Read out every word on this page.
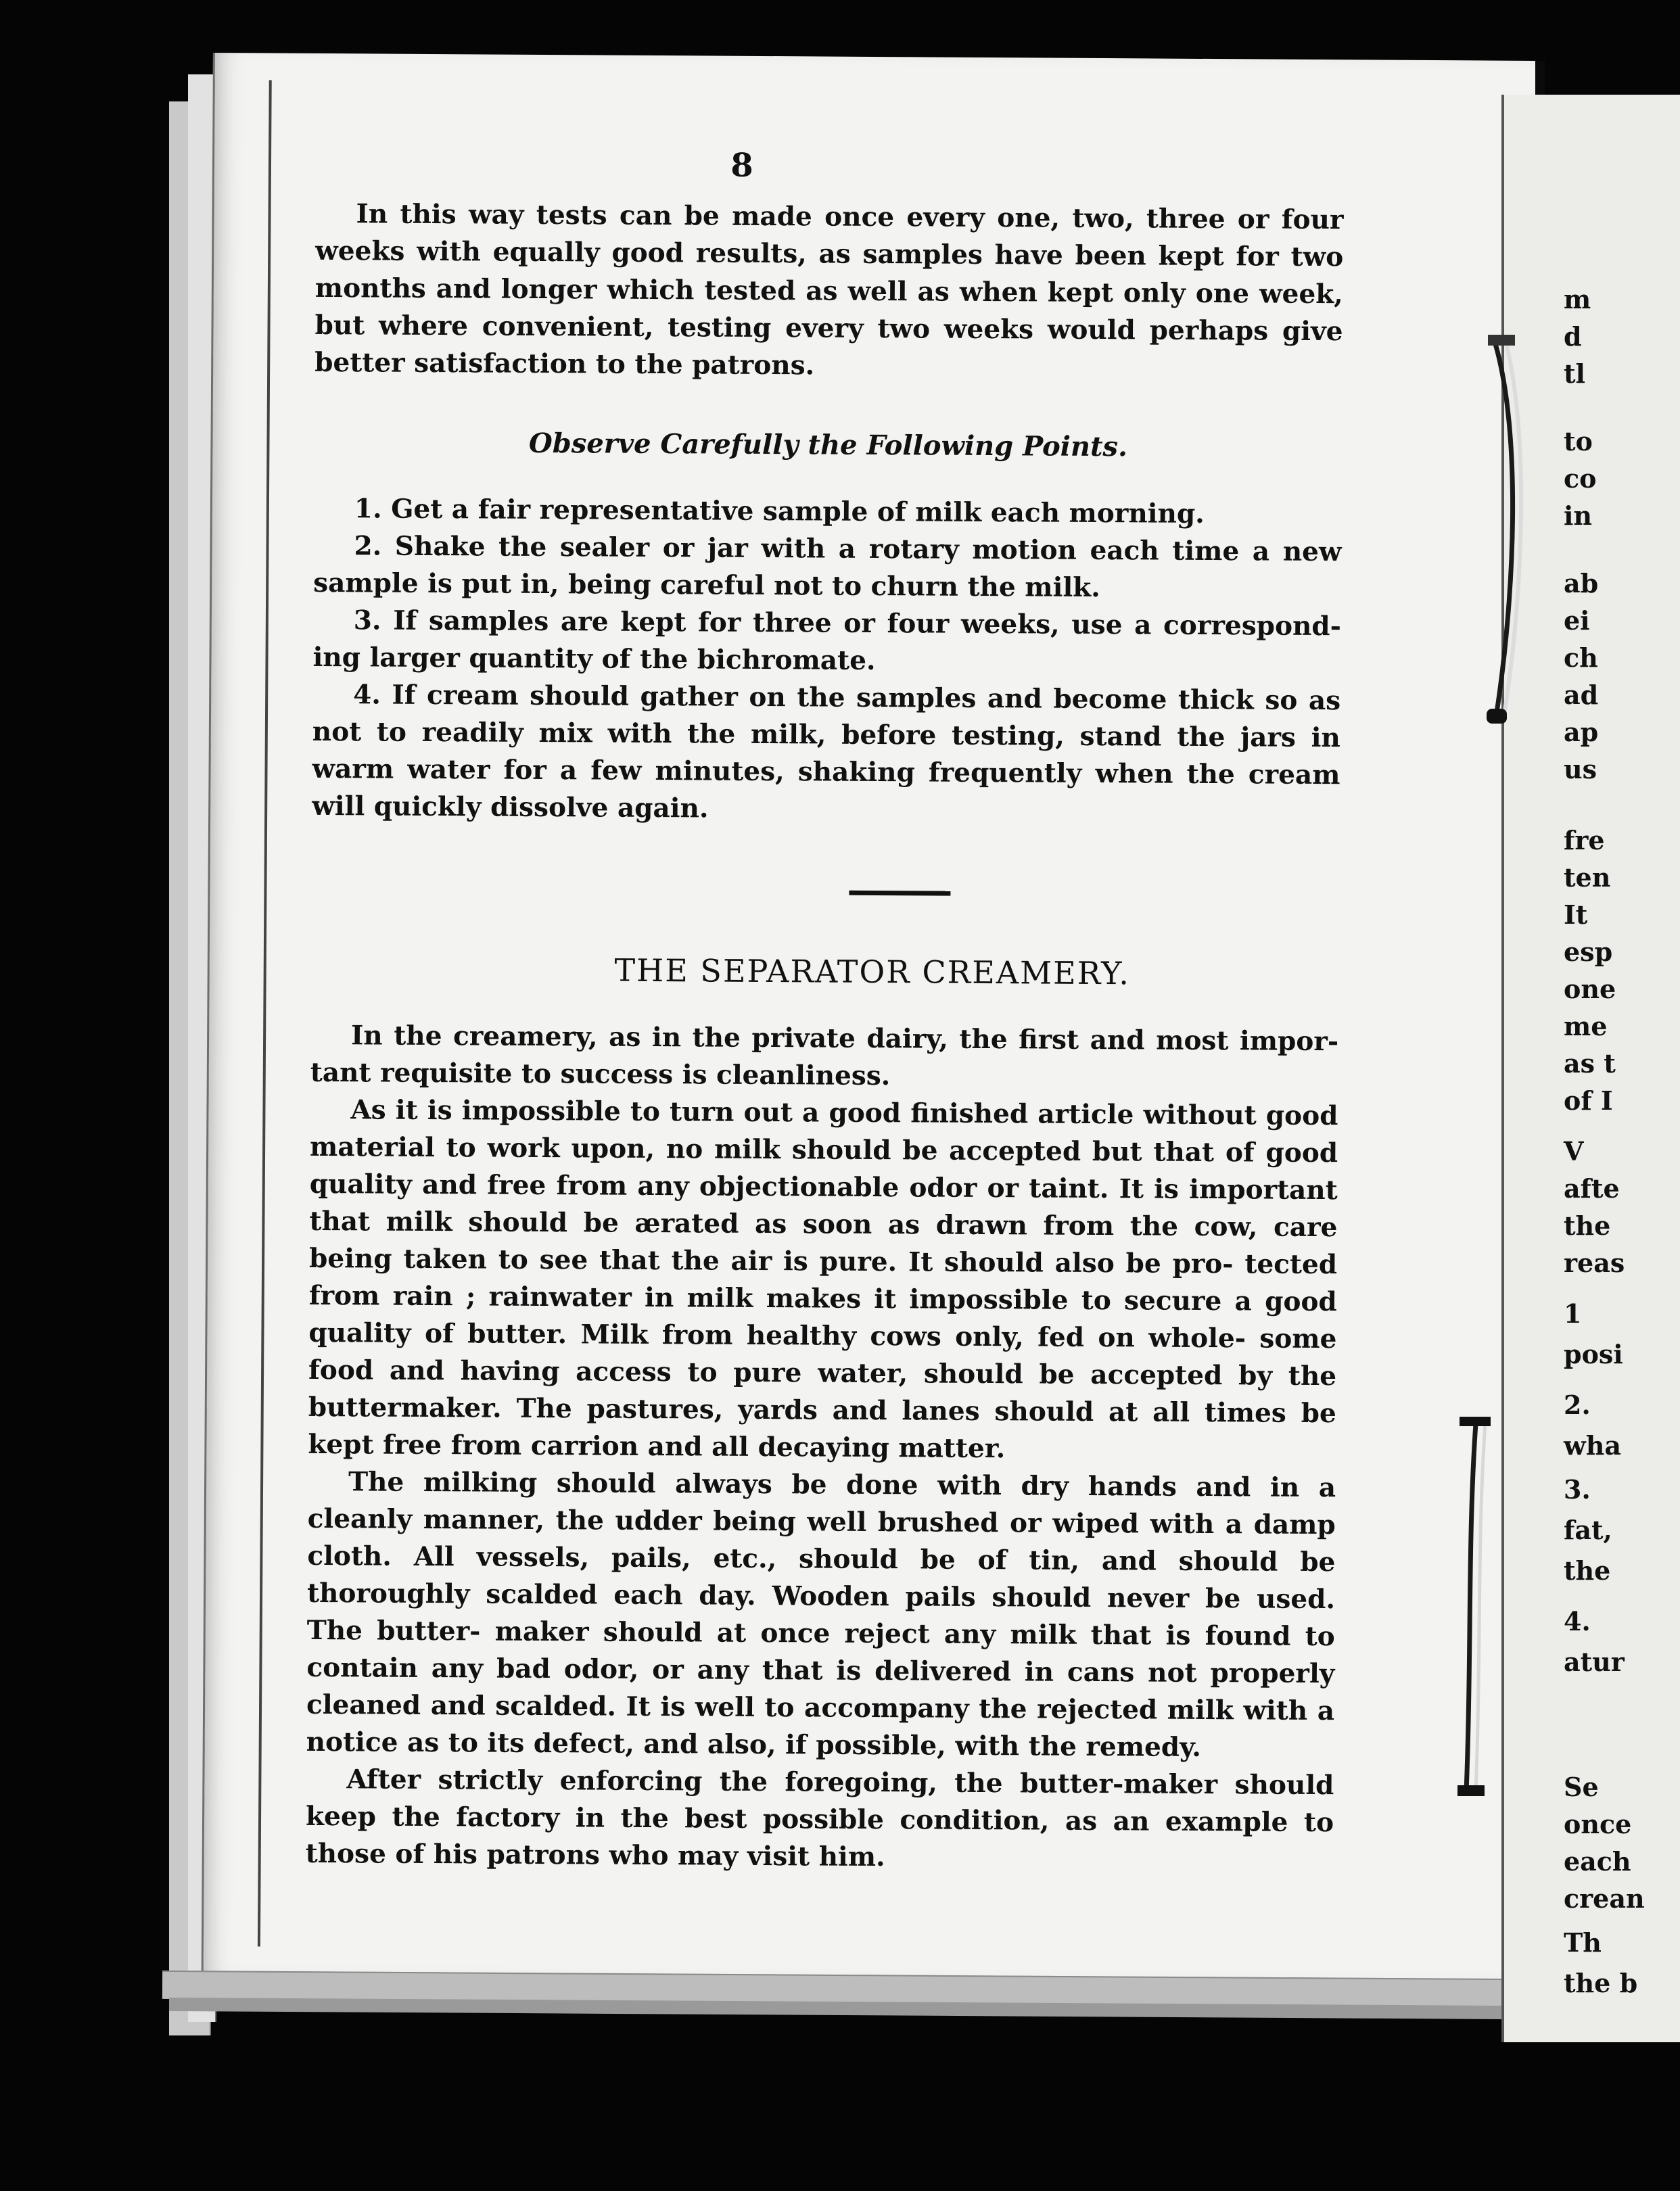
8

In this way tests can be made once every one, two, three or four weeks with equally good results, as samples have been kept for two months and longer which tested as well as when kept only one week, but where convenient, testing every two weeks would perhaps give better satisfaction to the patrons.

Observe Carefully the Following Points.

1. Get a fair representative sample of milk each morning.

2. Shake the sealer or jar with a rotary motion each time a new sample is put in, being careful not to churn the milk.

3. If samples are kept for three or four weeks, use a correspond- ing larger quantity of the bichromate.

4. If cream should gather on the samples and become thick so as not to readily mix with the milk, before testing, stand the jars in warm water for a few minutes, shaking frequently when the cream will quickly dissolve again.

THE SEPARATOR CREAMERY.

In the creamery, as in the private dairy, the first and most impor- tant requisite to success is cleanliness.

As it is impossible to turn out a good finished article without good material to work upon, no milk should be accepted but that of good quality and free from any objectionable odor or taint. It is important that milk should be ærated as soon as drawn from the cow, care being taken to see that the air is pure. It should also be pro- tected from rain ; rainwater in milk makes it impossible to secure a good quality of butter. Milk from healthy cows only, fed on whole- some food and having access to pure water, should be accepted by the buttermaker. The pastures, yards and lanes should at all times be kept free from carrion and all decaying matter.

The milking should always be done with dry hands and in a cleanly manner, the udder being well brushed or wiped with a damp cloth. All vessels, pails, etc., should be of tin, and should be thoroughly scalded each day. Wooden pails should never be used. The butter- maker should at once reject any milk that is found to contain any bad odor, or any that is delivered in cans not properly cleaned and scalded. It is well to accompany the rejected milk with a notice as to its defect, and also, if possible, with the remedy.

After strictly enforcing the foregoing, the butter-maker should keep the factory in the best possible condition, as an example to those of his patrons who may visit him.

m
d
tl
to
co
in
ab
ei
ch
ad
ap
us
fre
ten
It
esp
one
me
as t
of I
V
afte
the
reas
1
posi
2.
wha
3.
fat,
the
4.
atur
Se
once
each
crean
Th
the b
